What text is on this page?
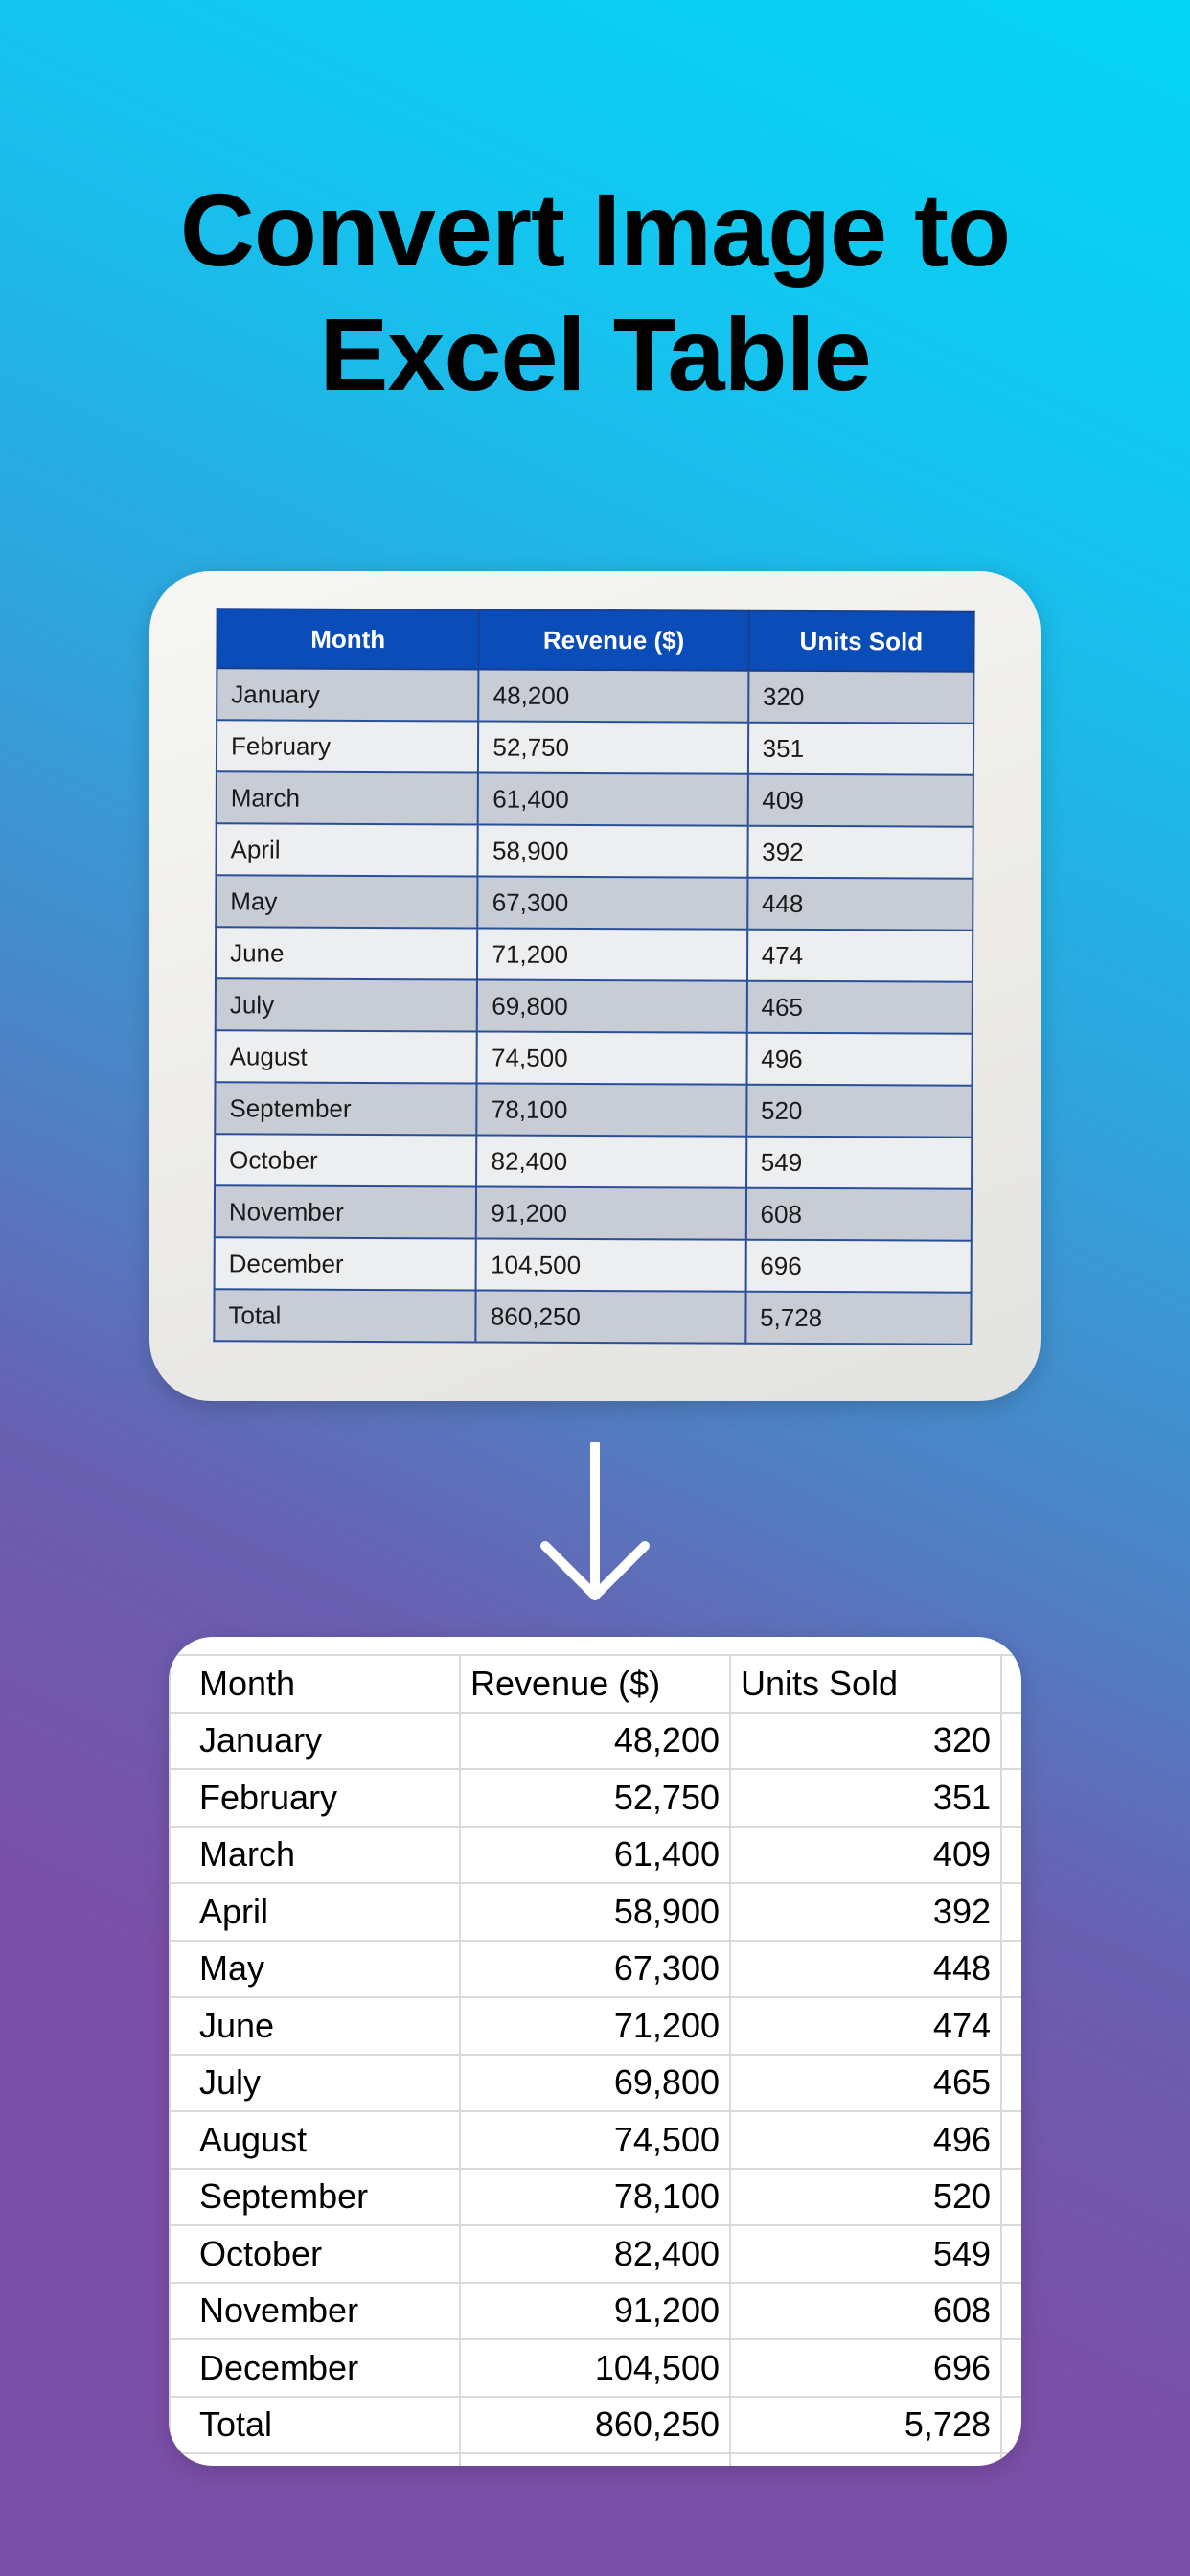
Convert Image to
Excel Table
Month	Revenue ($)	Units Sold
January	48,200	320
February	52,750	351
March	61,400	409
April	58,900	392
May	67,300	448
June	71,200	474
July	69,800	465
August	74,500	496
September	78,100	520
October	82,400	549
November	91,200	608
December	104,500	696
Total	860,250	5,728
Month	Revenue ($)	Units Sold	
January	48,200	320	
February	52,750	351	
March	61,400	409	
April	58,900	392	
May	67,300	448	
June	71,200	474	
July	69,800	465	
August	74,500	496	
September	78,100	520	
October	82,400	549	
November	91,200	608	
December	104,500	696	
Total	860,250	5,728	
